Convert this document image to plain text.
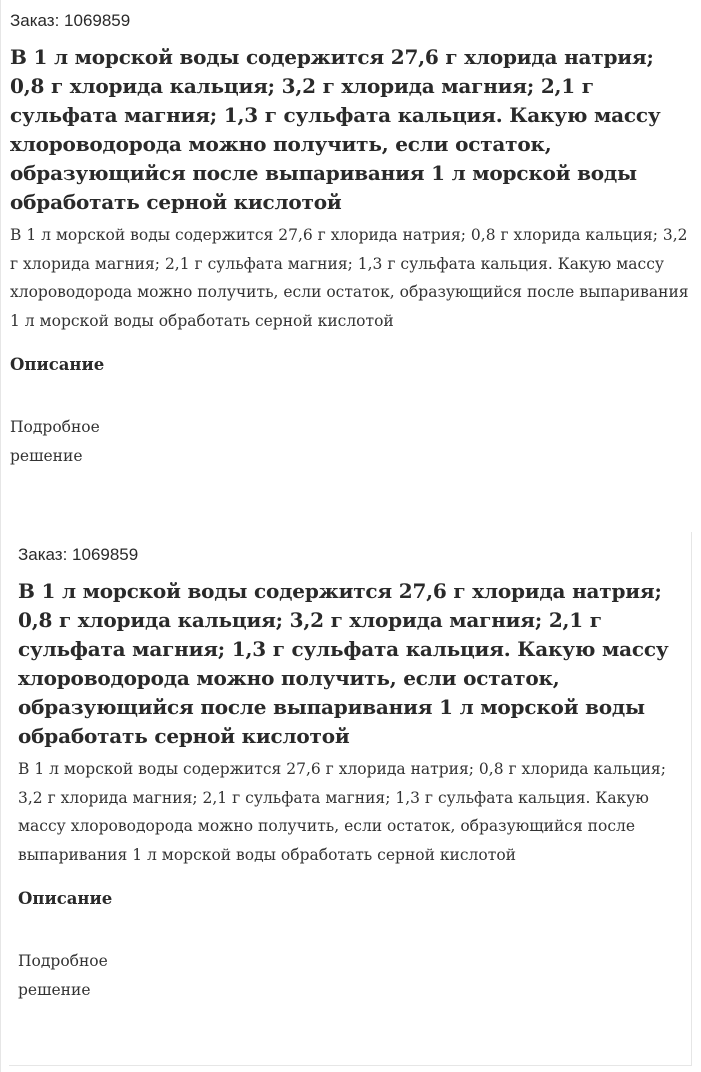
Заказ: 1069859

В 1 л морской воды содержится 27,6 г хлорида натрия; 0,8 г хлорида кальция; 3,2 г хлорида магния; 2,1 г сульфата магния; 1,3 г сульфата кальция. Какую массу хлороводорода можно получить, если остаток, образующийся после выпаривания 1 л морской воды обработать серной кислотой

В 1 л морской воды содержится 27,6 г хлорида натрия; 0,8 г хлорида кальция; 3,2 г хлорида магния; 2,1 г сульфата магния; 1,3 г сульфата кальция. Какую массу хлороводорода можно получить, если остаток, образующийся после выпаривания 1 л морской воды обработать серной кислотой

Описание

Подробное решение

Заказ: 1069859

В 1 л морской воды содержится 27,6 г хлорида натрия; 0,8 г хлорида кальция; 3,2 г хлорида магния; 2,1 г сульфата магния; 1,3 г сульфата кальция. Какую массу хлороводорода можно получить, если остаток, образующийся после выпаривания 1 л морской воды обработать серной кислотой

В 1 л морской воды содержится 27,6 г хлорида натрия; 0,8 г хлорида кальция; 3,2 г хлорида магния; 2,1 г сульфата магния; 1,3 г сульфата кальция. Какую массу хлороводорода можно получить, если остаток, образующийся после выпаривания 1 л морской воды обработать серной кислотой

Описание

Подробное решение
